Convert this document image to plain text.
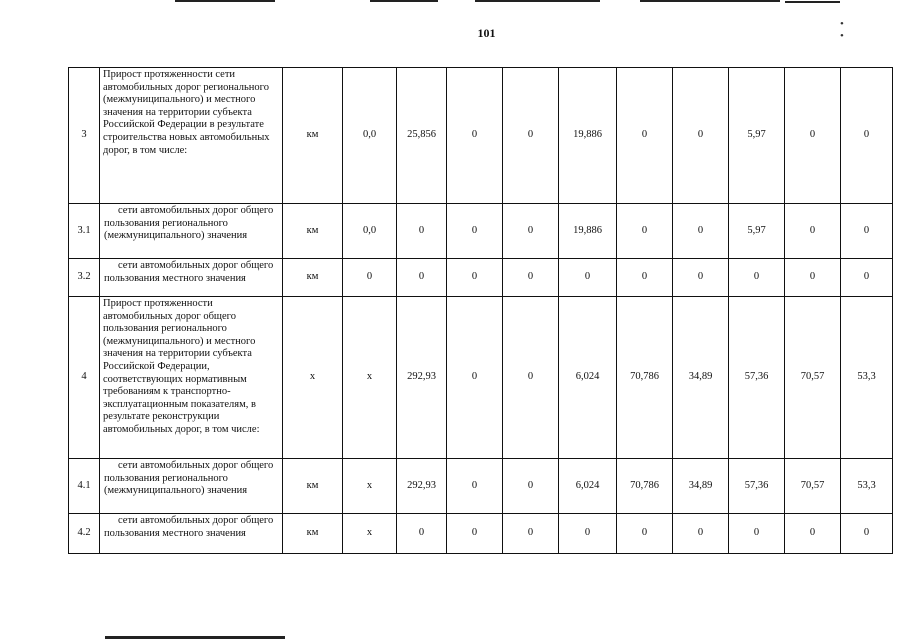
101
• •
3	Прирост протяженности сети автомобильных дорог регионального (межмуниципального) и местного значения на территории субъекта Российской Федерации в результате строительства новых автомобильных дорог, в том числе:	км	0,0	25,856	0	0	19,886	0	0	5,97	0	0
3.1	сети автомобильных дорог общего пользования регионального (межмуниципального) значения	км	0,0	0	0	0	19,886	0	0	5,97	0	0
3.2	сети автомобильных дорог общего пользования местного значения	км	0	0	0	0	0	0	0	0	0	0
4	Прирост протяженности автомобильных дорог общего пользования регионального (межмуниципального) и местного значения на территории субъекта Российской Федерации, соответствующих нормативным требованиям к транспортно-эксплуатационным показателям, в результате реконструкции автомобильных дорог, в том числе:	х	х	292,93	0	0	6,024	70,786	34,89	57,36	70,57	53,3
4.1	сети автомобильных дорог общего пользования регионального (межмуниципального) значения	км	х	292,93	0	0	6,024	70,786	34,89	57,36	70,57	53,3
4.2	сети автомобильных дорог общего пользования местного значения	км	х	0	0	0	0	0	0	0	0	0
